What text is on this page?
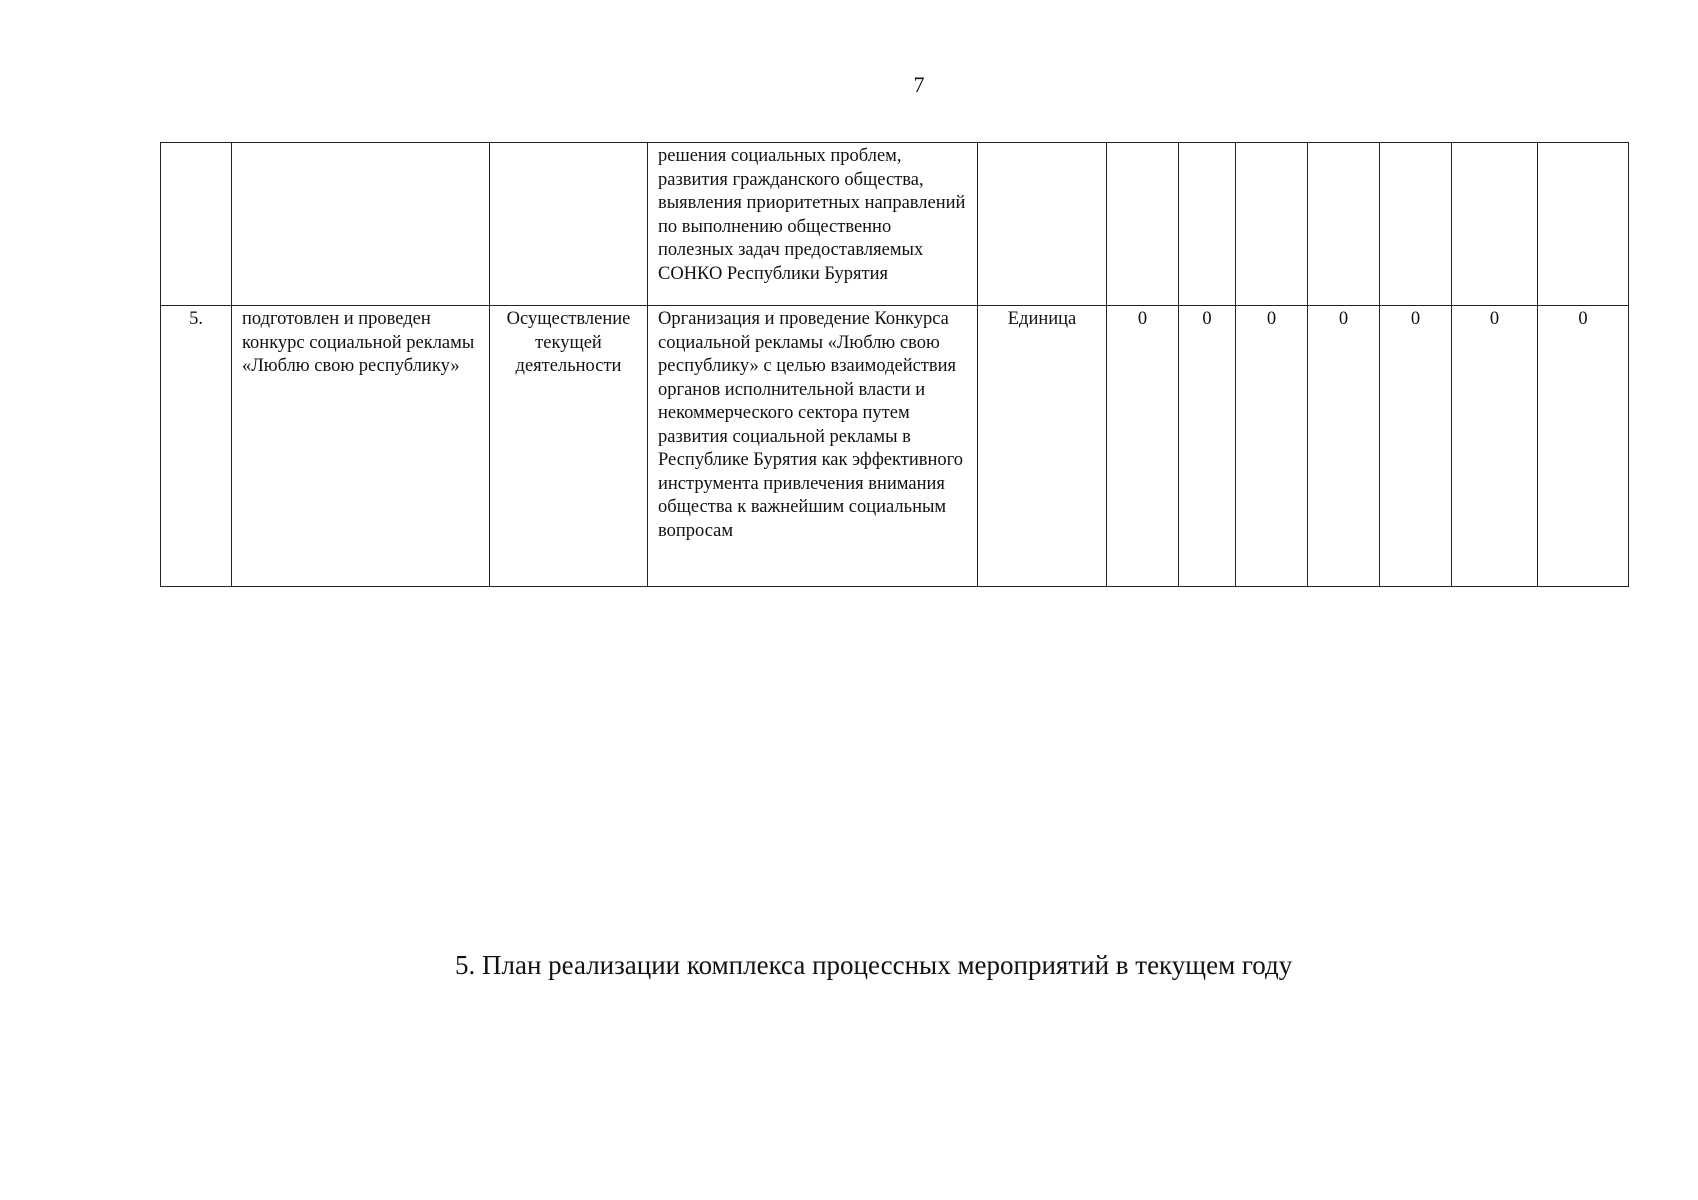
7
			решения социальных проблем, развития гражданского общества, выявления приоритетных направлений по выполнению общественно полезных задач предоставляемых СОНКО Республики Бурятия								
5.	подготовлен и проведен конкурс социальной рекламы «Люблю свою республику»	Осуществление текущей деятельности	Организация и проведение Конкурса социальной рекламы «Люблю свою республику» с целью взаимодействия органов исполнительной власти и некоммерческого сектора путем развития социальной рекламы в Республике Бурятия как эффективного инструмента привлечения внимания общества к важнейшим социальным вопросам	Единица	0	0	0	0	0	0	0
5. План реализации комплекса процессных мероприятий в текущем году
